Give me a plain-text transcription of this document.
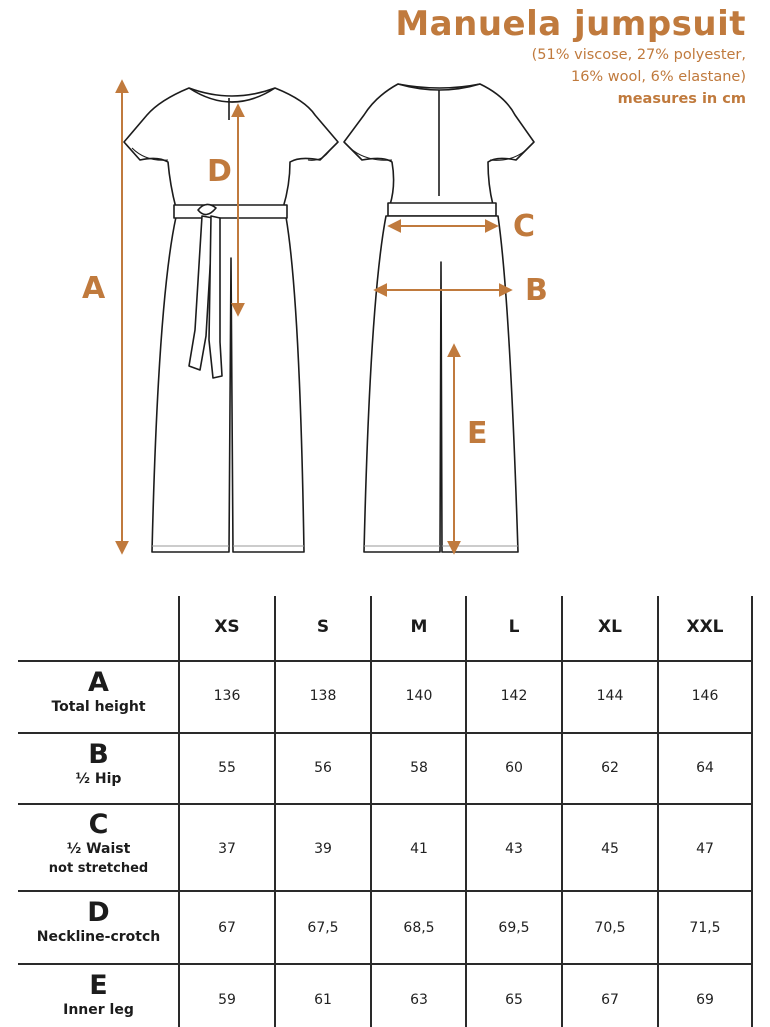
Manuela jumpsuit
(51% viscose, 27% polyester,
16% wool, 6% elastane)
measures in cm
A
D
C
B
E
XS	S	M	L	XL	XXL
A
Total height
136	138	140	142	144	146
B
½ Hip
55	56	58	60	62	64
C
½ Waist
not stretched
37	39	41	43	45	47
D
Neckline-crotch
67	67,5	68,5	69,5	70,5	71,5
E
Inner leg
59	61	63	65	67	69
